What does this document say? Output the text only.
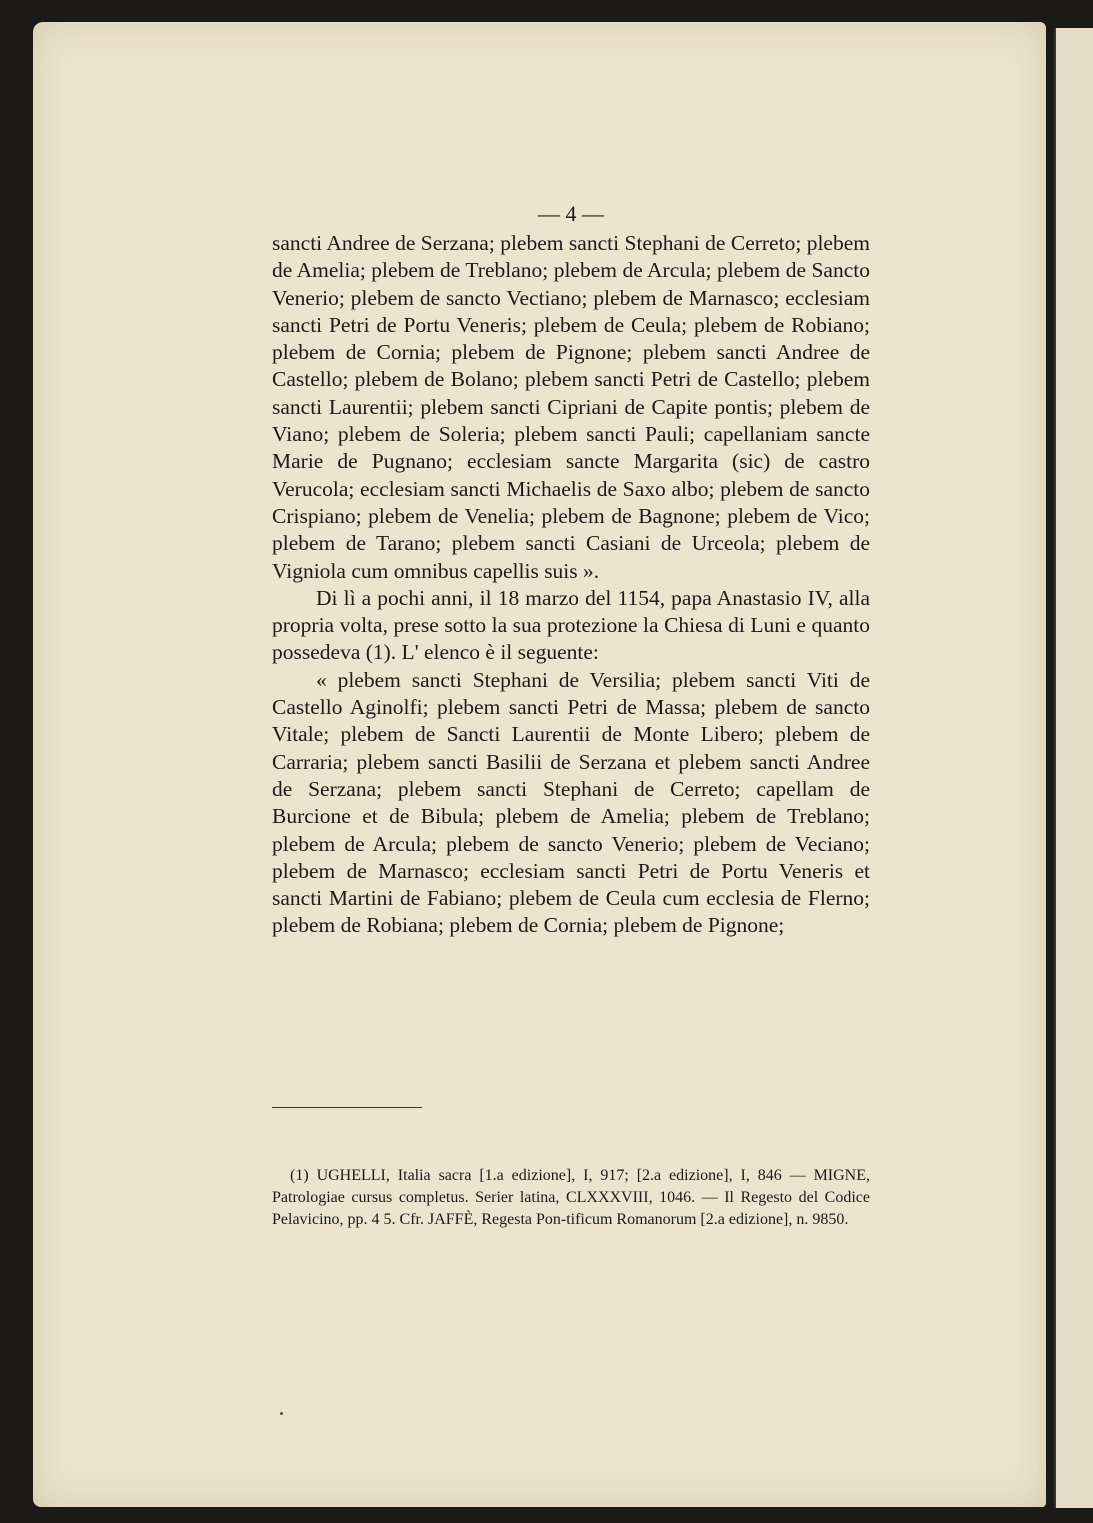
— 4 —

sancti Andree de Serzana; plebem sancti Stephani de Cerreto; plebem de Amelia; plebem de Treblano; plebem de Arcula; plebem de Sancto Venerio; plebem de sancto Vectiano; plebem de Marnasco; ecclesiam sancti Petri de Portu Veneris; plebem de Ceula; plebem de Robiano; plebem de Cornia; plebem de Pignone; plebem sancti Andree de Castello; plebem de Bolano; plebem sancti Petri de Castello; plebem sancti Laurentii; plebem sancti Cipriani de Capite pontis; plebem de Viano; plebem de Soleria; plebem sancti Pauli; capellaniam sancte Marie de Pugnano; ecclesiam sancte Margarita (sic) de castro Verucola; ecclesiam sancti Michaelis de Saxo albo; plebem de sancto Crispiano; plebem de Venelia; plebem de Bagnone; plebem de Vico; plebem de Tarano; plebem sancti Casiani de Urceola; plebem de Vigniola cum omnibus capellis suis ».

Di lì a pochi anni, il 18 marzo del 1154, papa Anastasio IV, alla propria volta, prese sotto la sua protezione la Chiesa di Luni e quanto possedeva (1). L' elenco è il seguente:

« plebem sancti Stephani de Versilia; plebem sancti Viti de Castello Aginolfi; plebem sancti Petri de Massa; plebem de sancto Vitale; plebem de Sancti Laurentii de Monte Libero; plebem de Carraria; plebem sancti Basilii de Serzana et plebem sancti Andree de Serzana; plebem sancti Stephani de Cerreto; capellam de Burcione et de Bibula; plebem de Amelia; plebem de Treblano; plebem de Arcula; plebem de sancto Venerio; plebem de Veciano; plebem de Marnasco; ecclesiam sancti Petri de Portu Veneris et sancti Martini de Fabiano; plebem de Ceula cum ecclesia de Flerno; plebem de Robiana; plebem de Cornia; plebem de Pignone;

(1) UGHELLI, Italia sacra [1.a edizione], I, 917; [2.a edizione], I, 846 — MIGNE, Patrologiae cursus completus. Serier latina, CLXXXVIII, 1046. — Il Regesto del Codice Pelavicino, pp. 4 5. Cfr. JAFFÈ, Regesta Pon-tificum Romanorum [2.a edizione], n. 9850.
